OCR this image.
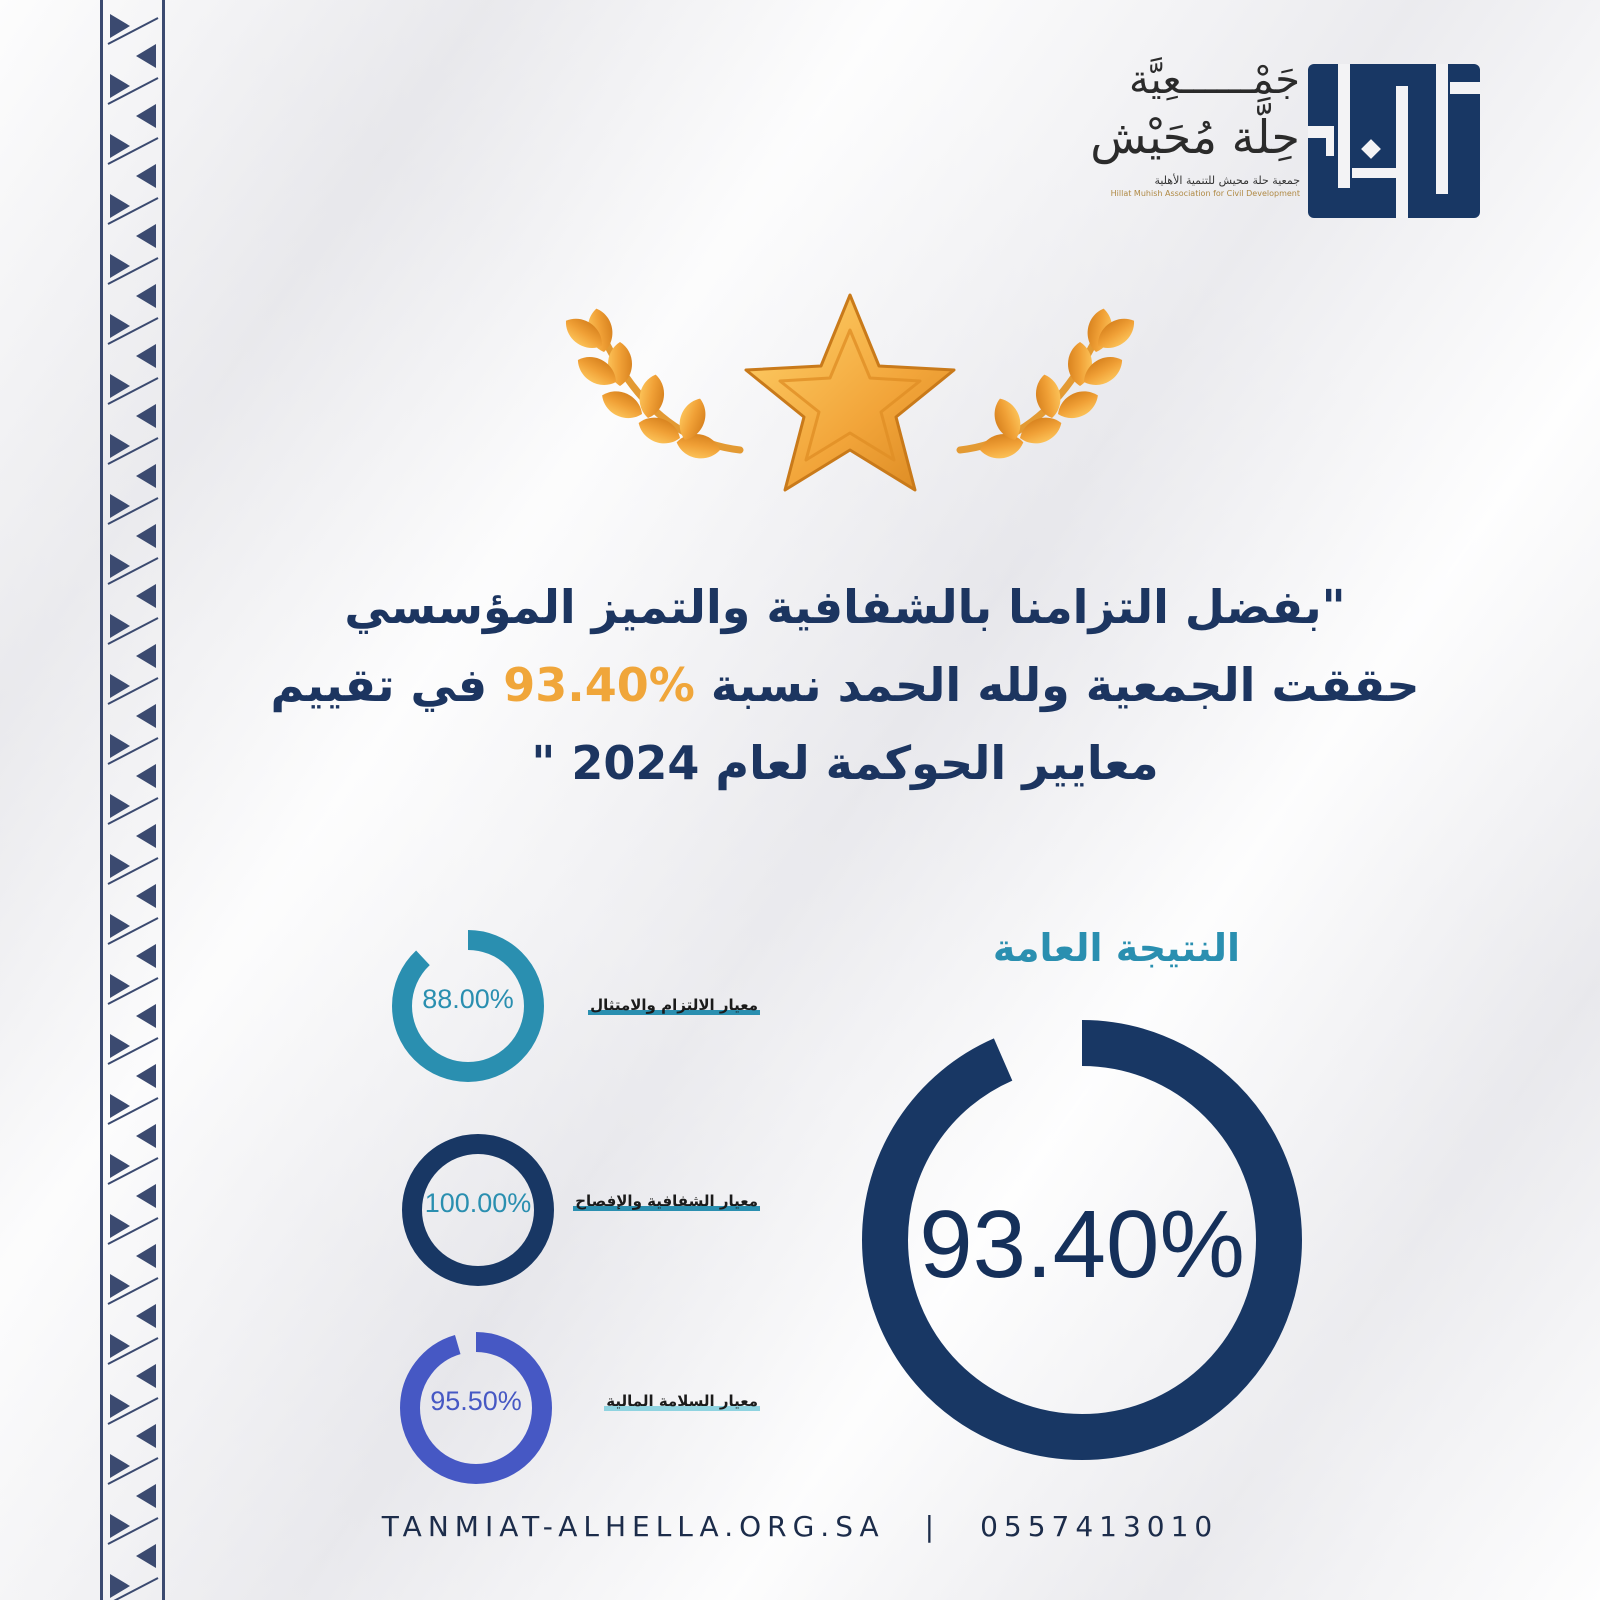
جَمْــــــعِيَّة
حِلَّة مُحَيْش
جمعية حلة محيش للتنمية الأهلية
Hillat Muhish Association for Civil Development
"بفضل التزامنا بالشفافية والتميز المؤسسي
حققت الجمعية ولله الحمد نسبة 93.40% في تقييم
معايير الحوكمة لعام 2024 "
النتيجة العامة
93.40%
88.00%	معيار الالتزام والامتثال
100.00%	معيار الشفافية والإفصاح
95.50%	معيار السلامة المالية
TANMIAT-ALHELLA.ORG.SA | 0557413010
